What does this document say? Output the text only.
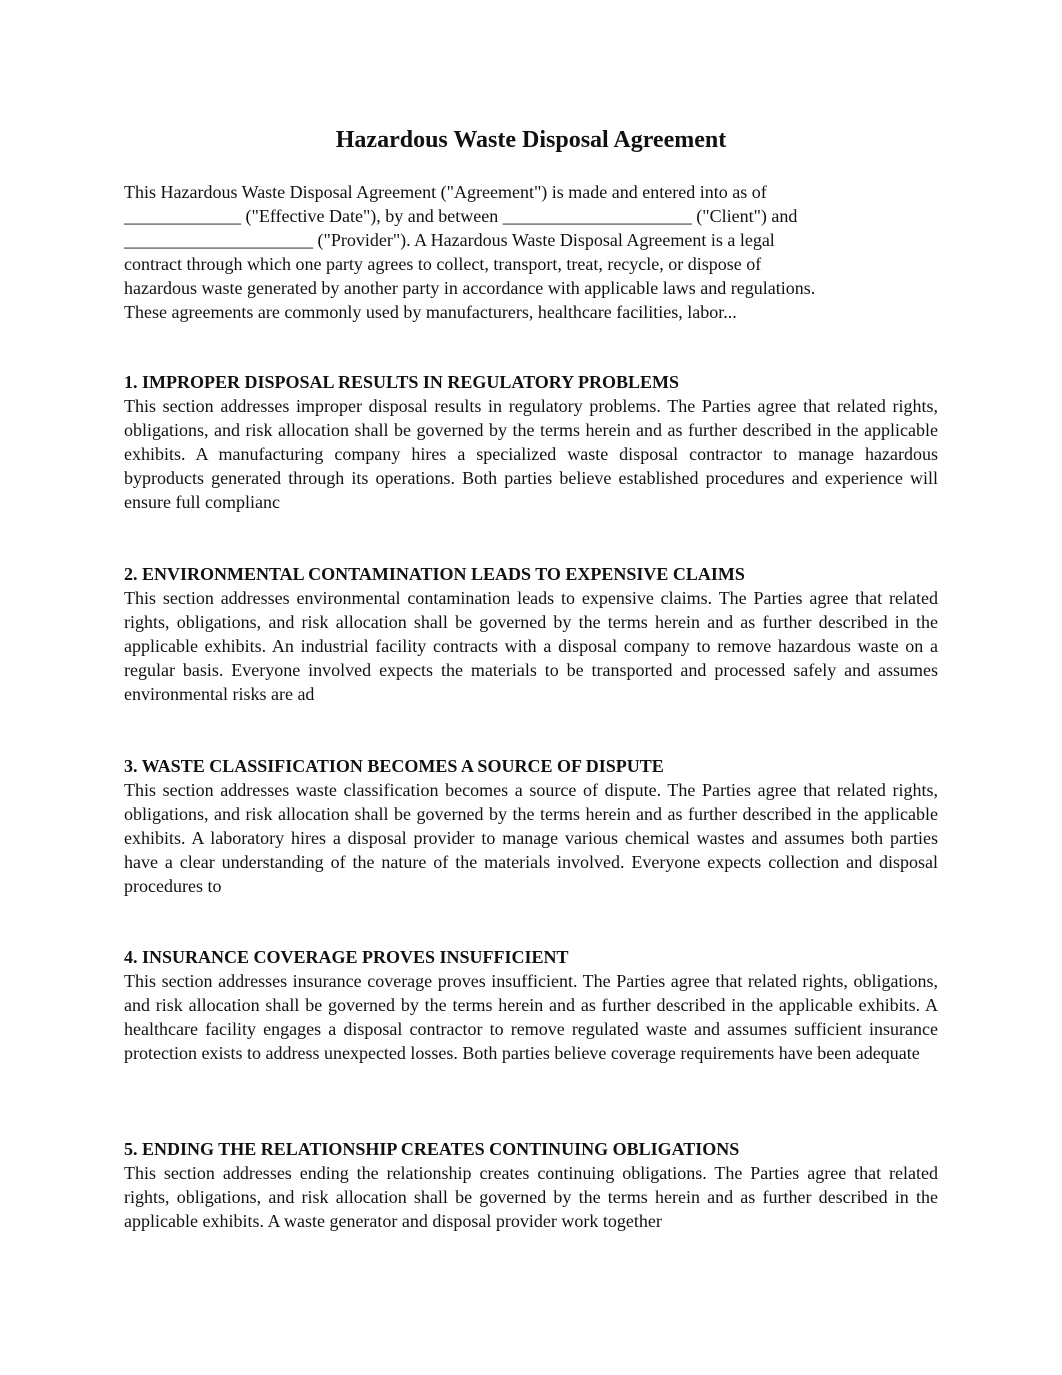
Hazardous Waste Disposal Agreement

This Hazardous Waste Disposal Agreement ("Agreement") is made and entered into as of
_____________ ("Effective Date"), by and between _____________________ ("Client") and
_____________________ ("Provider"). A Hazardous Waste Disposal Agreement is a legal
contract through which one party agrees to collect, transport, treat, recycle, or dispose of
hazardous waste generated by another party in accordance with applicable laws and regulations.
These agreements are commonly used by manufacturers, healthcare facilities, labor...

1. IMPROPER DISPOSAL RESULTS IN REGULATORY PROBLEMS

This section addresses improper disposal results in regulatory problems. The Parties agree that related rights, obligations, and risk allocation shall be governed by the terms herein and as further described in the applicable exhibits. A manufacturing company hires a specialized waste disposal contractor to manage hazardous byproducts generated through its operations. Both parties believe established procedures and experience will ensure full complianc

2. ENVIRONMENTAL CONTAMINATION LEADS TO EXPENSIVE CLAIMS

This section addresses environmental contamination leads to expensive claims. The Parties agree that related rights, obligations, and risk allocation shall be governed by the terms herein and as further described in the applicable exhibits. An industrial facility contracts with a disposal company to remove hazardous waste on a regular basis. Everyone involved expects the materials to be transported and processed safely and assumes environmental risks are ad

3. WASTE CLASSIFICATION BECOMES A SOURCE OF DISPUTE

This section addresses waste classification becomes a source of dispute. The Parties agree that related rights, obligations, and risk allocation shall be governed by the terms herein and as further described in the applicable exhibits. A laboratory hires a disposal provider to manage various chemical wastes and assumes both parties have a clear understanding of the nature of the materials involved. Everyone expects collection and disposal procedures to

4. INSURANCE COVERAGE PROVES INSUFFICIENT

This section addresses insurance coverage proves insufficient. The Parties agree that related rights, obligations, and risk allocation shall be governed by the terms herein and as further described in the applicable exhibits. A healthcare facility engages a disposal contractor to remove regulated waste and assumes sufficient insurance protection exists to address unexpected losses. Both parties believe coverage requirements have been adequate

5. ENDING THE RELATIONSHIP CREATES CONTINUING OBLIGATIONS

This section addresses ending the relationship creates continuing obligations. The Parties agree that related rights, obligations, and risk allocation shall be governed by the terms herein and as further described in the applicable exhibits. A waste generator and disposal provider work together
